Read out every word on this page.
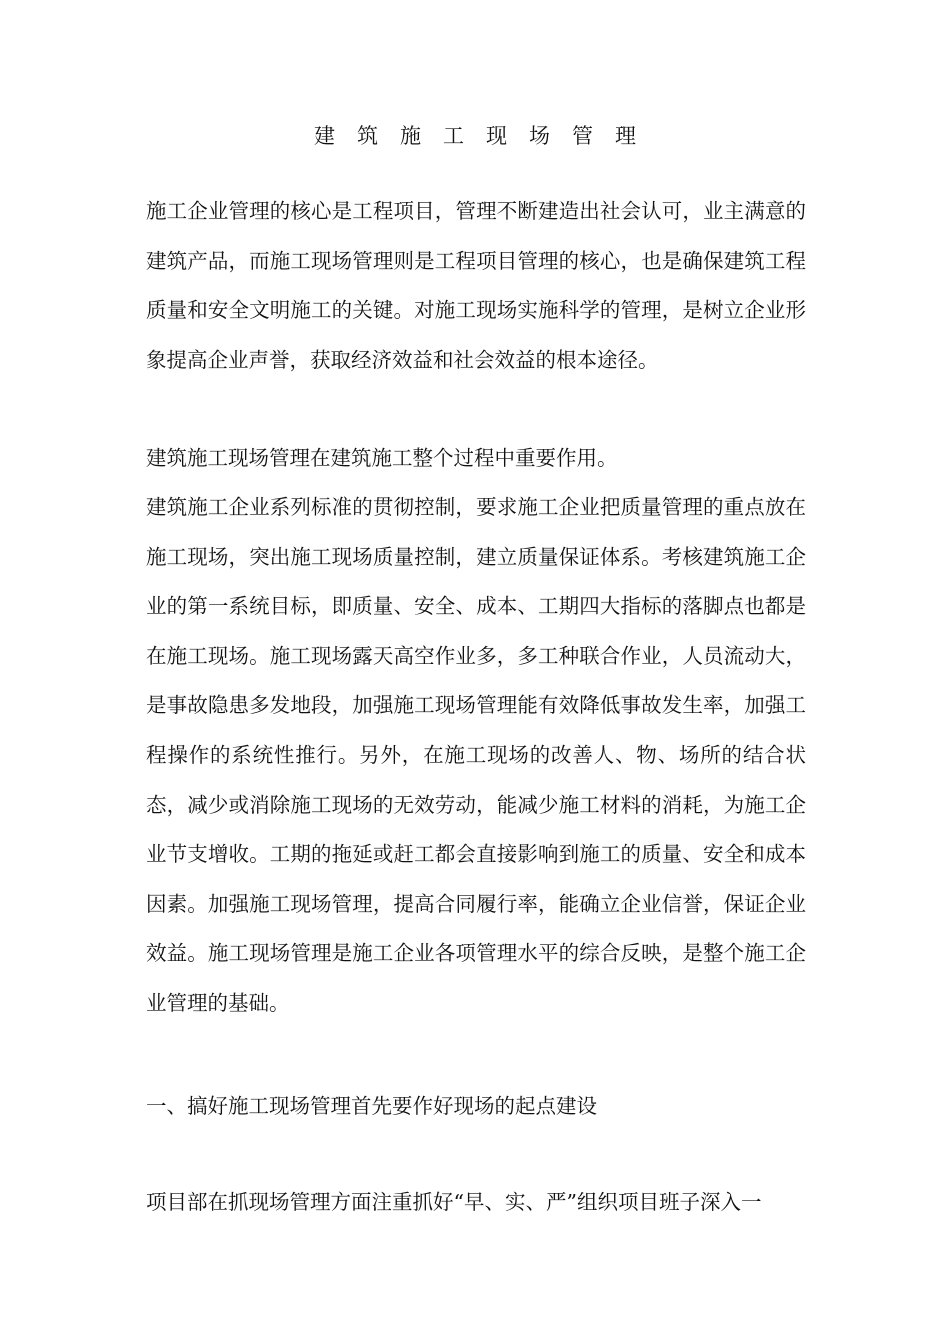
建筑施工现场管理
施工企业管理的核心是工程项目，管理不断建造出社会认可，业主满意的建筑产品，而施工现场管理则是工程项目管理的核心，也是确保建筑工程质量和安全文明施工的关键。对施工现场实施科学的管理，是树立企业形象提高企业声誉，获取经济效益和社会效益的根本途径。
建筑施工现场管理在建筑施工整个过程中重要作用。
建筑施工企业系列标准的贯彻控制，要求施工企业把质量管理的重点放在施工现场，突出施工现场质量控制，建立质量保证体系。考核建筑施工企业的第一系统目标，即质量、安全、成本、工期四大指标的落脚点也都是在施工现场。施工现场露天高空作业多，多工种联合作业，人员流动大，是事故隐患多发地段，加强施工现场管理能有效降低事故发生率，加强工程操作的系统性推行。另外，在施工现场的改善人、物、场所的结合状态，减少或消除施工现场的无效劳动，能减少施工材料的消耗，为施工企业节支增收。工期的拖延或赶工都会直接影响到施工的质量、安全和成本因素。加强施工现场管理，提高合同履行率，能确立企业信誉，保证企业效益。施工现场管理是施工企业各项管理水平的综合反映，是整个施工企业管理的基础。
一、搞好施工现场管理首先要作好现场的起点建设
项目部在抓现场管理方面注重抓好“早、实、严”组织项目班子深入一
